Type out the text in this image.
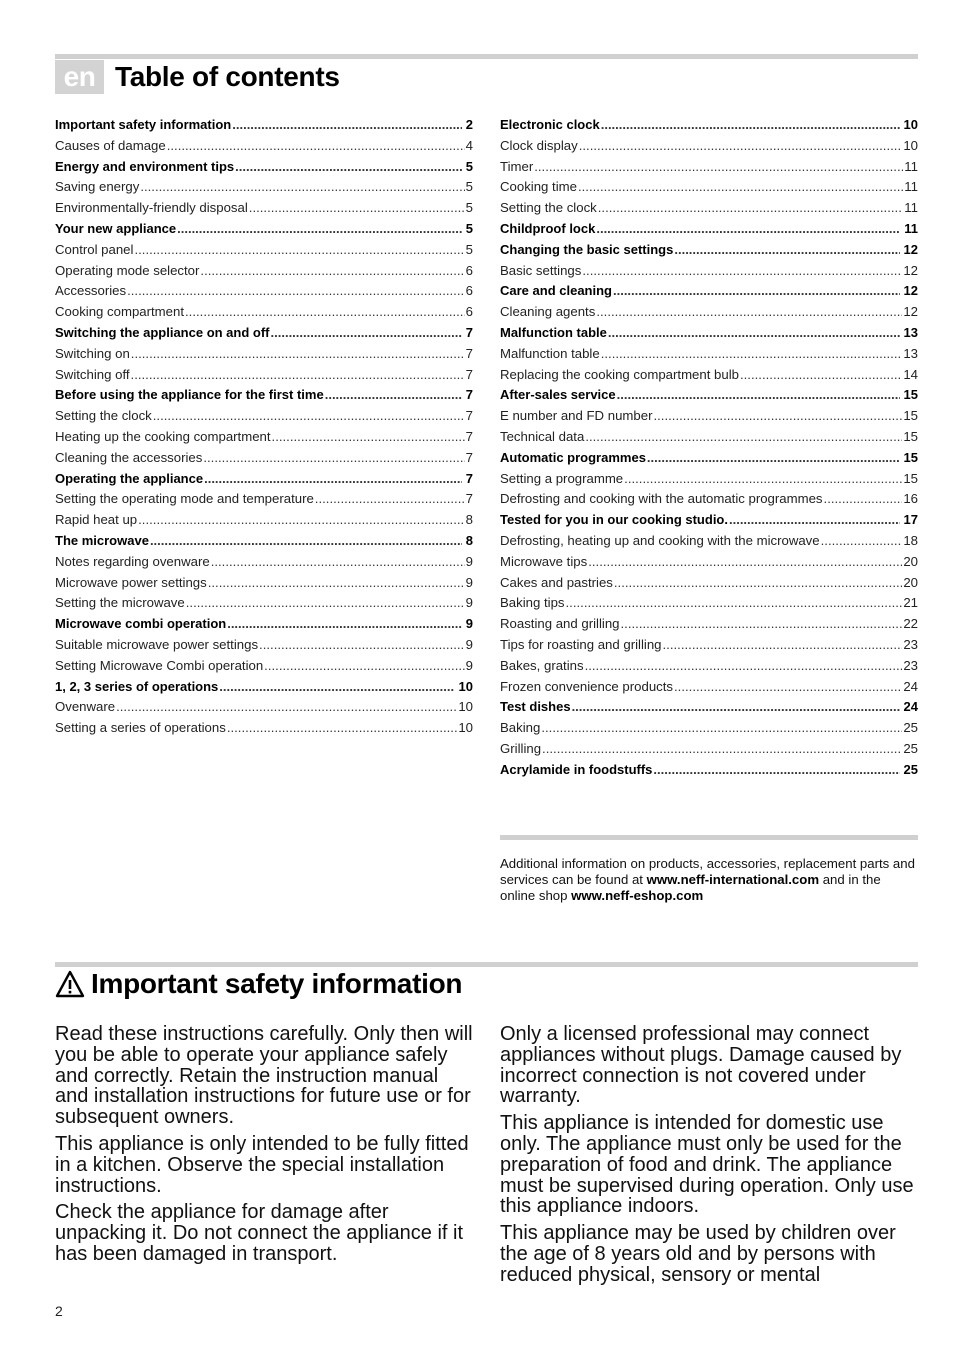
en Table of contents
Important safety information .....	2
Causes of damage .....	4
Energy and environment tips .....	5
Saving energy .....	5
Environmentally-friendly disposal .....	5
Your new appliance .....	5
Control panel .....	5
Operating mode selector .....	6
Accessories .....	6
Cooking compartment .....	6
Switching the appliance on and off .....	7
Switching on .....	7
Switching off .....	7
Before using the appliance for the first time .....	7
Setting the clock .....	7
Heating up the cooking compartment .....	7
Cleaning the accessories .....	7
Operating the appliance .....	7
Setting the operating mode and temperature .....	7
Rapid heat up .....	8
The microwave .....	8
Notes regarding ovenware .....	9
Microwave power settings .....	9
Setting the microwave .....	9
Microwave combi operation .....	9
Suitable microwave power settings .....	9
Setting Microwave Combi operation .....	9
1, 2, 3 series of operations .....	10
Ovenware .....	10
Setting a series of operations .....	10
Electronic clock .....	10
Clock display .....	10
Timer .....	11
Cooking time .....	11
Setting the clock .....	11
Childproof lock .....	11
Changing the basic settings .....	12
Basic settings .....	12
Care and cleaning .....	12
Cleaning agents .....	12
Malfunction table .....	13
Malfunction table .....	13
Replacing the cooking compartment bulb .....	14
After-sales service .....	15
E number and FD number .....	15
Technical data .....	15
Automatic programmes .....	15
Setting a programme .....	15
Defrosting and cooking with the automatic programmes .....	16
Tested for you in our cooking studio. .....	17
Defrosting, heating up and cooking with the microwave .....	18
Microwave tips .....	20
Cakes and pastries .....	20
Baking tips .....	21
Roasting and grilling .....	22
Tips for roasting and grilling .....	23
Bakes, gratins .....	23
Frozen convenience products .....	24
Test dishes .....	24
Baking .....	25
Grilling .....	25
Acrylamide in foodstuffs .....	25
Additional information on products, accessories, replacement parts and services can be found at www.neff-international.com and in the online shop www.neff-eshop.com
Important safety information

Read these instructions carefully. Only then will you be able to operate your appliance safely and correctly. Retain the instruction manual and installation instructions for future use or for subsequent owners.

This appliance is only intended to be fully fitted in a kitchen. Observe the special installation instructions.

Check the appliance for damage after unpacking it. Do not connect the appliance if it has been damaged in transport.

Only a licensed professional may connect appliances without plugs. Damage caused by incorrect connection is not covered under warranty.

This appliance is intended for domestic use only. The appliance must only be used for the preparation of food and drink. The appliance must be supervised during operation. Only use this appliance indoors.

This appliance may be used by children over the age of 8 years old and by persons with reduced physical, sensory or mental

2
